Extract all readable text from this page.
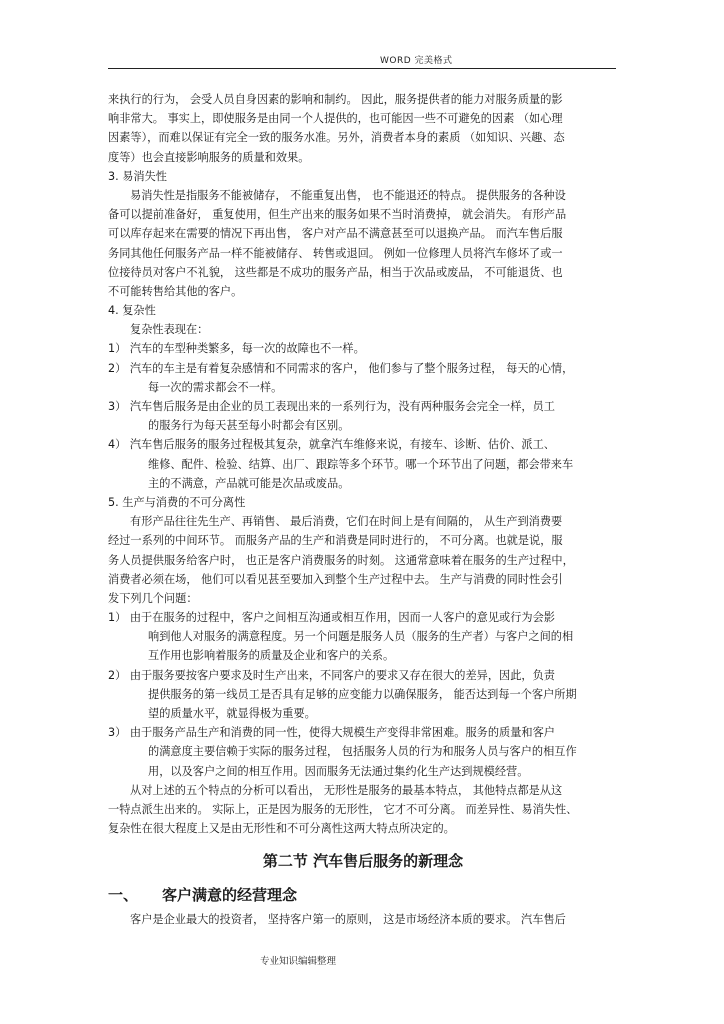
WORD 完美格式
来执行的行为， 会受人员自身因素的影响和制约。 因此，服务提供者的能力对服务质量的影
响非常大。 事实上，即使服务是由同一个人提供的，也可能因一些不可避免的因素 （如心理
因素等），而难以保证有完全一致的服务水准。另外，消费者本身的素质 （如知识、兴趣、态
度等）也会直接影响服务的质量和效果。
3. 易消失性
易消失性是指服务不能被储存， 不能重复出售， 也不能退还的特点。 提供服务的各种设
备可以提前准备好， 重复使用，但生产出来的服务如果不当时消费掉， 就会消失。 有形产品
可以库存起来在需要的情况下再出售， 客户对产品不满意甚至可以退换产品。 而汽车售后服
务同其他任何服务产品一样不能被储存、 转售或退回。 例如一位修理人员将汽车修坏了或一
位接待员对客户不礼貌， 这些都是不成功的服务产品，相当于次品或废品， 不可能退货、也
不可能转售给其他的客户。
4. 复杂性
复杂性表现在：
1） 汽车的车型种类繁多，每一次的故障也不一样。
2） 汽车的车主是有着复杂感情和不同需求的客户， 他们参与了整个服务过程， 每天的心情，
每一次的需求都会不一样。
3） 汽车售后服务是由企业的员工表现出来的一系列行为，没有两种服务会完全一样，员工
的服务行为每天甚至每小时都会有区别。
4） 汽车售后服务的服务过程极其复杂，就拿汽车维修来说，有接车、诊断、估价、派工、
维修、配件、检验、结算、出厂、跟踪等多个环节。哪一个环节出了问题，都会带来车
主的不满意，产品就可能是次品或废品。
5. 生产与消费的不可分离性
有形产品往往先生产、再销售、 最后消费，它们在时间上是有间隔的， 从生产到消费要
经过一系列的中间环节。 而服务产品的生产和消费是同时进行的， 不可分离。也就是说，服
务人员提供服务给客户时， 也正是客户消费服务的时刻。 这通常意味着在服务的生产过程中，
消费者必须在场， 他们可以看见甚至要加入到整个生产过程中去。 生产与消费的同时性会引
发下列几个问题：
1） 由于在服务的过程中，客户之间相互沟通或相互作用，因而一人客户的意见或行为会影
响到他人对服务的满意程度。另一个问题是服务人员（服务的生产者）与客户之间的相
互作用也影响着服务的质量及企业和客户的关系。
2） 由于服务要按客户要求及时生产出来，不同客户的要求又存在很大的差异，因此，负责
提供服务的第一线员工是否具有足够的应变能力以确保服务， 能否达到每一个客户所期
望的质量水平，就显得极为重要。
3） 由于服务产品生产和消费的同一性，使得大规模生产变得非常困难。服务的质量和客户
的满意度主要信赖于实际的服务过程， 包括服务人员的行为和服务人员与客户的相互作
用，以及客户之间的相互作用。因而服务无法通过集约化生产达到规模经营。
从对上述的五个特点的分析可以看出， 无形性是服务的最基本特点， 其他特点都是从这
一特点派生出来的。 实际上，正是因为服务的无形性， 它才不可分离。 而差异性、易消失性、
复杂性在很大程度上又是由无形性和不可分离性这两大特点所决定的。
第二节 汽车售后服务的新理念
一、 客户满意的经营理念
客户是企业最大的投资者， 坚持客户第一的原则， 这是市场经济本质的要求。 汽车售后
专业知识编辑整理
